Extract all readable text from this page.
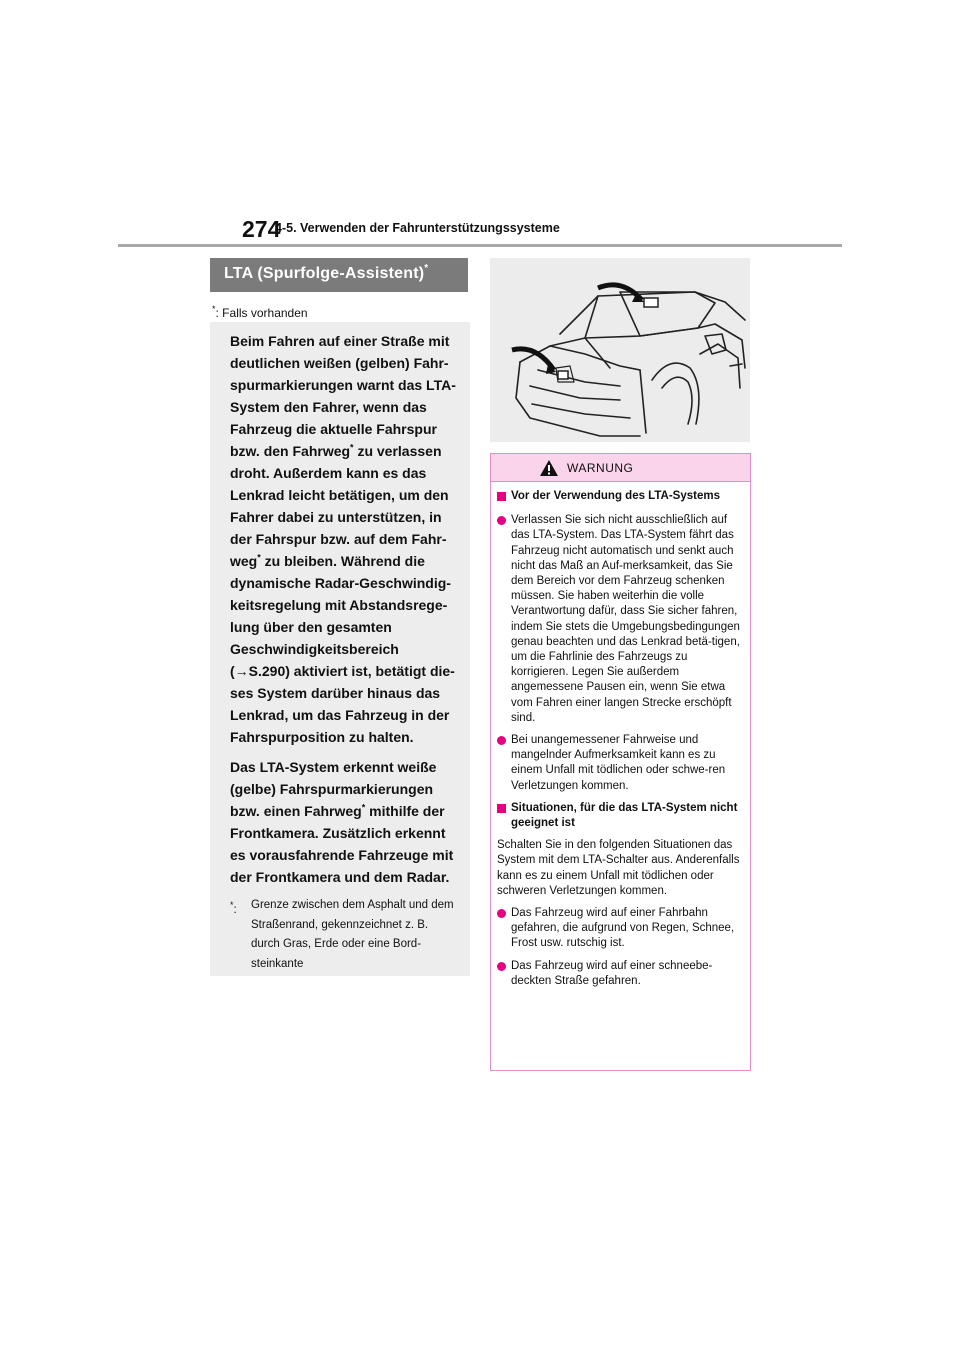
274
4-5. Verwenden der Fahrunterstützungssysteme
LTA (Spurfolge-Assistent)*
*: Falls vorhanden

Beim Fahren auf einer Straße mit deutlichen weißen (gelben) Fahr-spurmarkierungen warnt das LTA-System den Fahrer, wenn das Fahrzeug die aktuelle Fahrspur bzw. den Fahrweg* zu verlassen droht. Außerdem kann es das Lenkrad leicht betätigen, um den Fahrer dabei zu unterstützen, in der Fahrspur bzw. auf dem Fahr-weg* zu bleiben. Während die dynamische Radar-Geschwindig-keitsregelung mit Abstandsrege-lung über den gesamten Geschwindigkeitsbereich (→S.290) aktiviert ist, betätigt die-ses System darüber hinaus das Lenkrad, um das Fahrzeug in der Fahrspurposition zu halten.

Das LTA-System erkennt weiße (gelbe) Fahrspurmarkierungen bzw. einen Fahrweg* mithilfe der Frontkamera. Zusätzlich erkennt es vorausfahrende Fahrzeuge mit der Frontkamera und dem Radar.

*:	Grenze zwischen dem Asphalt und dem Straßenrand, gekennzeichnet z. B. durch Gras, Erde oder eine Bord-steinkante
WARNUNG
Vor der Verwendung des LTA-Systems
Verlassen Sie sich nicht ausschließlich auf das LTA-System. Das LTA-System fährt das Fahrzeug nicht automatisch und senkt auch nicht das Maß an Auf-merksamkeit, das Sie dem Bereich vor dem Fahrzeug schenken müssen. Sie haben weiterhin die volle Verantwortung dafür, dass Sie sicher fahren, indem Sie stets die Umgebungsbedingungen genau beachten und das Lenkrad betä-tigen, um die Fahrlinie des Fahrzeugs zu korrigieren. Legen Sie außerdem angemessene Pausen ein, wenn Sie etwa vom Fahren einer langen Strecke erschöpft sind.
Bei unangemessener Fahrweise und mangelnder Aufmerksamkeit kann es zu einem Unfall mit tödlichen oder schwe-ren Verletzungen kommen.
Situationen, für die das LTA-System nicht geeignet ist

Schalten Sie in den folgenden Situationen das System mit dem LTA-Schalter aus. Anderenfalls kann es zu einem Unfall mit tödlichen oder schweren Verletzungen kommen.

Das Fahrzeug wird auf einer Fahrbahn gefahren, die aufgrund von Regen, Schnee, Frost usw. rutschig ist.
Das Fahrzeug wird auf einer schneebe-deckten Straße gefahren.
